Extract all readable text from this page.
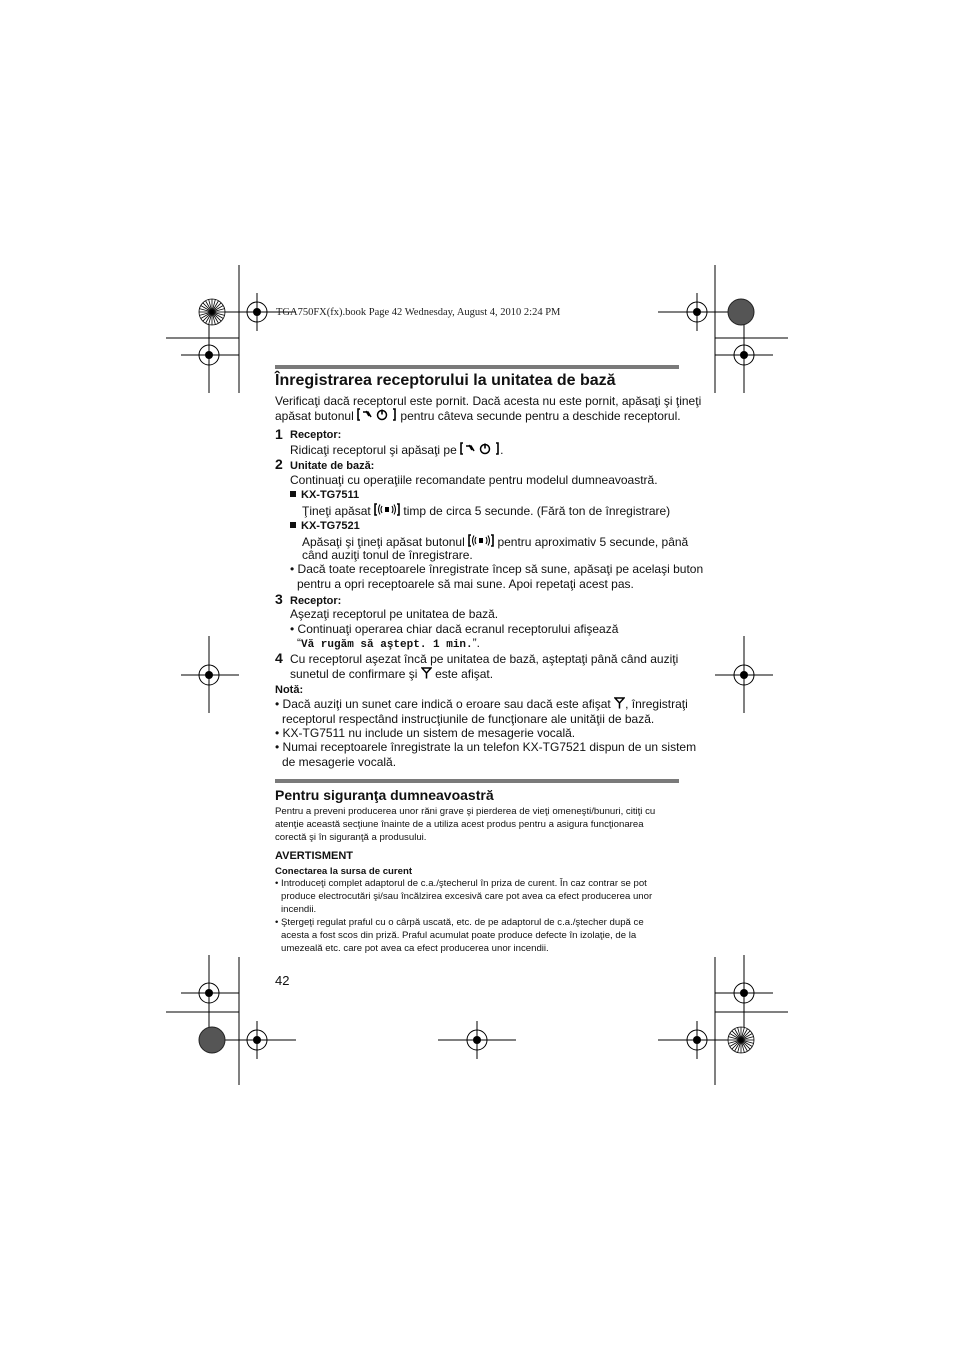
TGA750FX(fx).book Page 42 Wednesday, August 4, 2010 2:24 PM
Înregistrarea receptorului la unitatea de bază
Verificaţi dacă receptorul este pornit. Dacă acesta nu este pornit, apăsaţi şi ţineţi
apăsat butonul	pentru câteva secunde pentru a deschide receptorul.
1 Receptor:
Ridicaţi receptorul şi apăsaţi pe	.
2 Unitate de bază:
Continuaţi cu operaţiile recomandate pentru modelul dumneavoastră.
KX-TG7511
Ţineţi apăsat  timp de circa 5 secunde. (Fără ton de înregistrare)
KX-TG7521
Apăsaţi şi ţineţi apăsat butonul  pentru aproximativ 5 secunde, până
când auziţi tonul de înregistrare.
• Dacă toate receptoarele înregistrate încep să sune, apăsaţi pe acelaşi buton
pentru a opri receptoarele să mai sune. Apoi repetaţi acest pas.
3 Receptor:
Aşezaţi receptorul pe unitatea de bază.
• Continuaţi operarea chiar dacă ecranul receptorului afişează
“Vă rugăm să aştept. 1 min.”.
4 Cu receptorul aşezat încă pe unitatea de bază, aşteptaţi până când auziţi
sunetul de confirmare şi  este afişat.
Notă:
• Dacă auziţi un sunet care indică o eroare sau dacă este afişat , înregistraţi
receptorul respectând instrucţiunile de funcţionare ale unităţii de bază.
• KX-TG7511 nu include un sistem de mesagerie vocală.
• Numai receptoarele înregistrate la un telefon KX-TG7521 dispun de un sistem
de mesagerie vocală.
Pentru siguranţa dumneavoastră
Pentru a preveni producerea unor răni grave şi pierderea de vieţi omeneşti/bunuri, citiţi cu
atenţie această secţiune înainte de a utiliza acest produs pentru a asigura funcţionarea
corectă şi în siguranţă a produsului.
AVERTISMENT
Conectarea la sursa de curent
• Introduceţi complet adaptorul de c.a./ştecherul în priza de curent. În caz contrar se pot
produce electrocutări şi/sau încălzirea excesivă care pot avea ca efect producerea unor
incendii.
• Ştergeţi regulat praful cu o cârpă uscată, etc. de pe adaptorul de c.a./ştecher după ce
acesta a fost scos din priză. Praful acumulat poate produce defecte în izolaţie, de la
umezeală etc. care pot avea ca efect producerea unor incendii.
42
